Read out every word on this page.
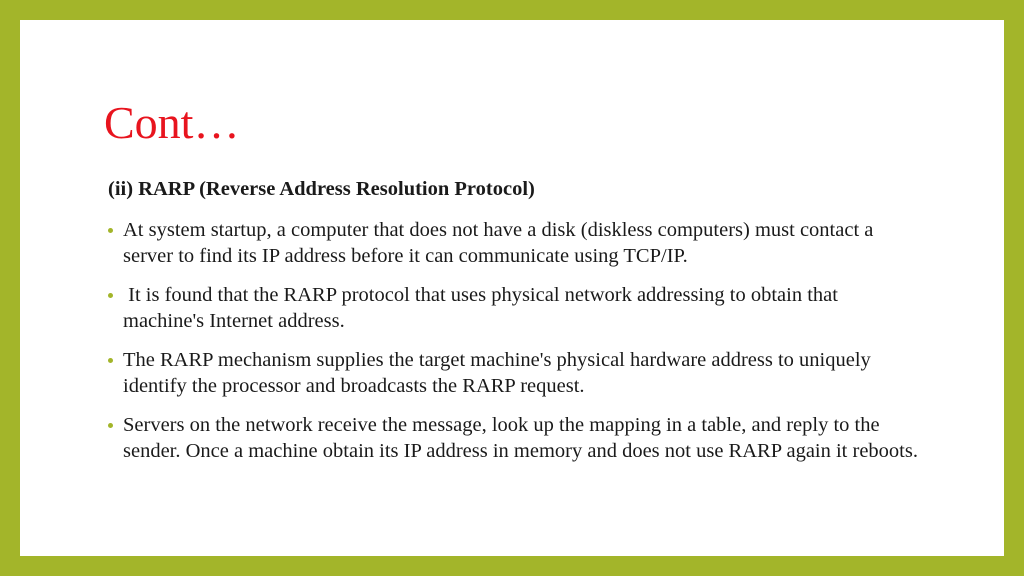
Cont…

(ii) RARP (Reverse Address Resolution Protocol)

At system startup, a computer that does not have a disk (diskless computers) must contact a server to find its IP address before it can communicate using TCP/IP.
It is found that the RARP protocol that uses physical network addressing to obtain that machine's Internet address.
The RARP mechanism supplies the target machine's physical hardware address to uniquely identify the processor and broadcasts the RARP request.
Servers on the network receive the message, look up the mapping in a table, and reply to the sender. Once a machine obtain its IP address in memory and does not use RARP again it reboots.
